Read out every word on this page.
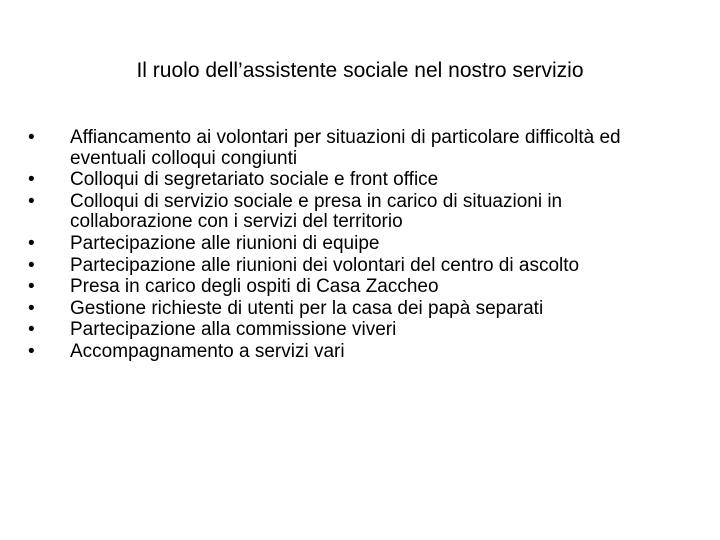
Il ruolo dell’assistente sociale nel nostro servizio
•	Affiancamento ai volontari per situazioni di particolare difficoltà ed eventuali colloqui congiunti
•	Colloqui di segretariato sociale e front office
•	Colloqui di servizio sociale e presa in carico di situazioni in collaborazione con i servizi del territorio
•	Partecipazione alle riunioni di equipe
•	Partecipazione alle riunioni dei volontari del centro di ascolto
•	Presa in carico degli ospiti di Casa Zaccheo
•	Gestione richieste di utenti per la casa dei papà separati
•	Partecipazione alla commissione viveri
•	Accompagnamento a servizi vari
